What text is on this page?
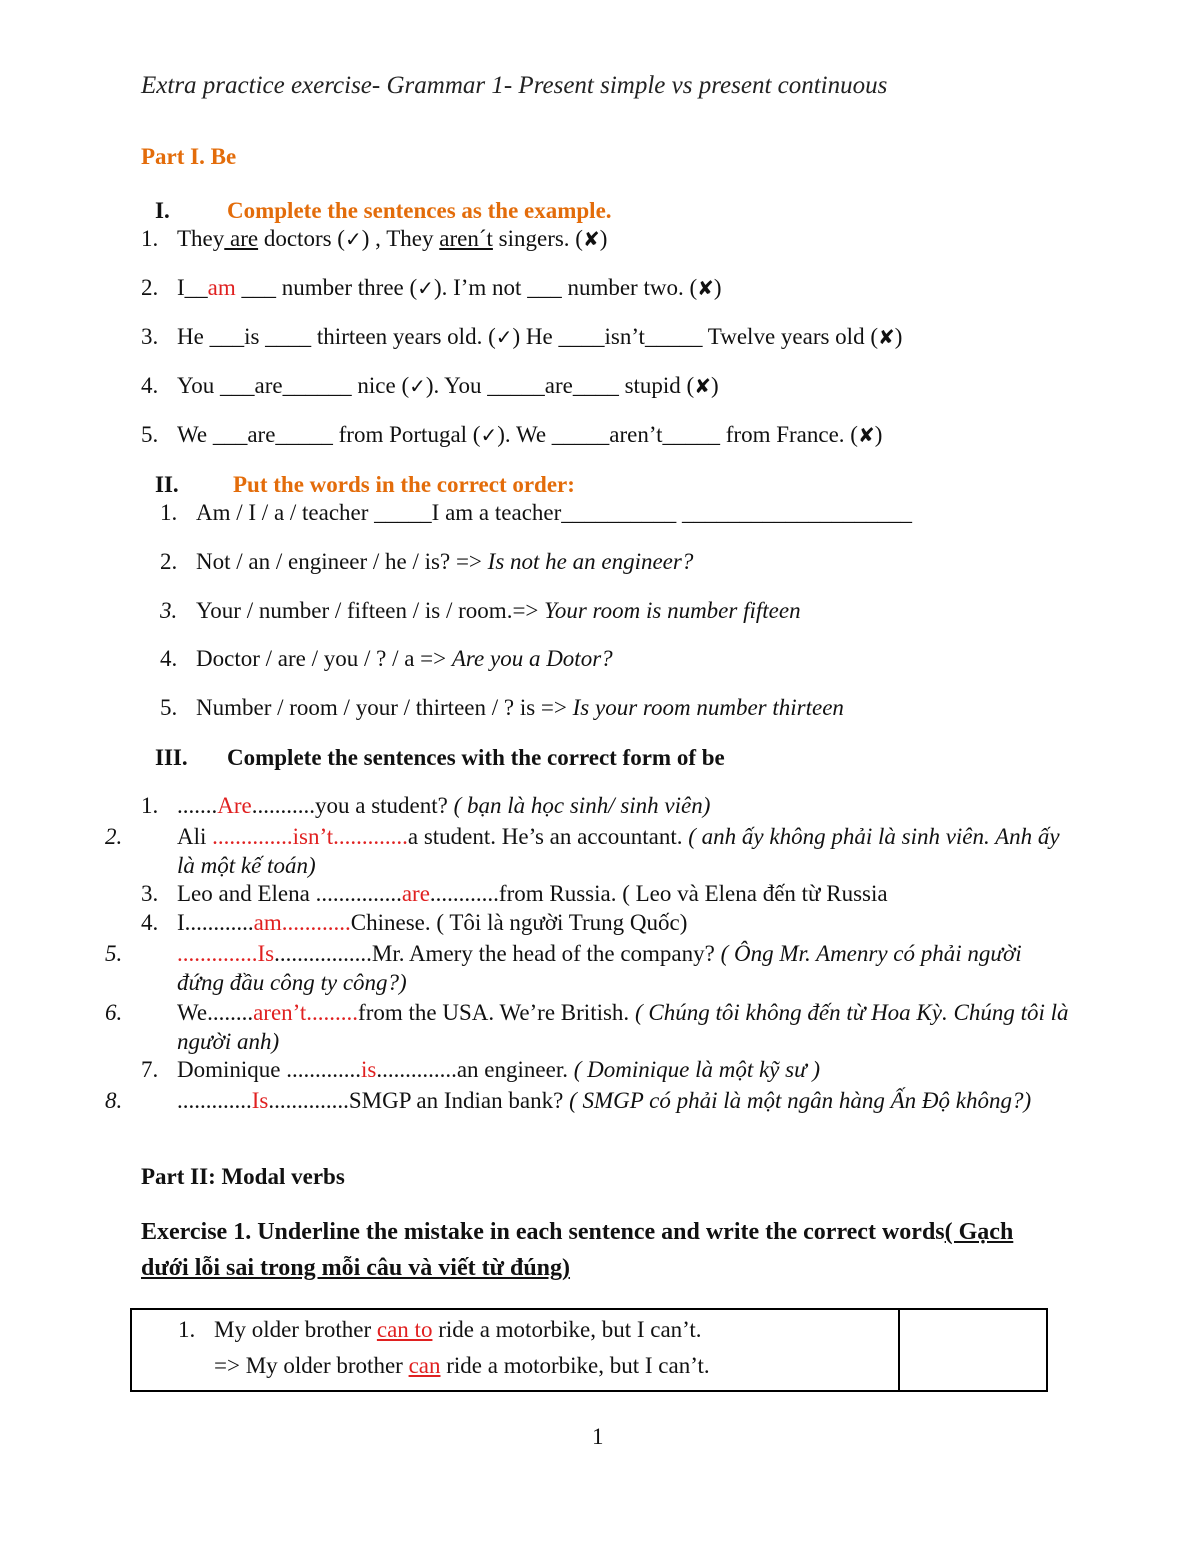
Extra practice exercise- Grammar 1- Present simple vs present continuous
Part I. Be
I. Complete the sentences as the example.
1. They are doctors (✓) , They aren´t singers. (✘)
2. I__am ___ number three (✓). I’m not ___ number two. (✘)
3. He ___is ____ thirteen years old. (✓) He ____isn’t_____ Twelve years old (✘)
4. You ___are______ nice (✓). You _____are____ stupid (✘)
5. We ___are_____ from Portugal (✓). We _____aren’t_____ from France. (✘)
II. Put the words in the correct order:
1. Am / I / a / teacher _____I am a teacher__________ ____________________
2. Not / an / engineer / he / is? => Is not he an engineer?
3. Your / number / fifteen / is / room.=> Your room is number fifteen
4. Doctor / are / you / ? / a => Are you a Dotor?
5. Number / room / your / thirteen / ? is => Is your room number thirteen
III. Complete the sentences with the correct form of be
1. .......Are...........you a student? ( bạn là học sinh/ sinh viên)
2. Ali ..............isn’t.............a student. He’s an accountant. ( anh ấy không phải là sinh viên. Anh ấy là một kế toán)
3. Leo and Elena ...............are............from Russia. ( Leo và Elena đến từ Russia
4. I............am............Chinese. ( Tôi là người Trung Quốc)
5. ..............Is.................Mr. Amery the head of the company? ( Ông Mr. Amenry có phải người đứng đầu công ty công?)
6. We........aren’t.........from the USA. We’re British. ( Chúng tôi không đến từ Hoa Kỳ. Chúng tôi là người anh)
7. Dominique .............is..............an engineer. ( Dominique là một kỹ sư )
8. .............Is..............SMGP an Indian bank? ( SMGP có phải là một ngân hàng Ấn Độ không?)
Part II: Modal verbs
Exercise 1. Underline the mistake in each sentence and write the correct words( Gạch dưới lỗi sai trong mỗi câu và viết từ đúng)
1. My older brother can to ride a motorbike, but I can’t.
=> My older brother can ride a motorbike, but I can’t.

1
